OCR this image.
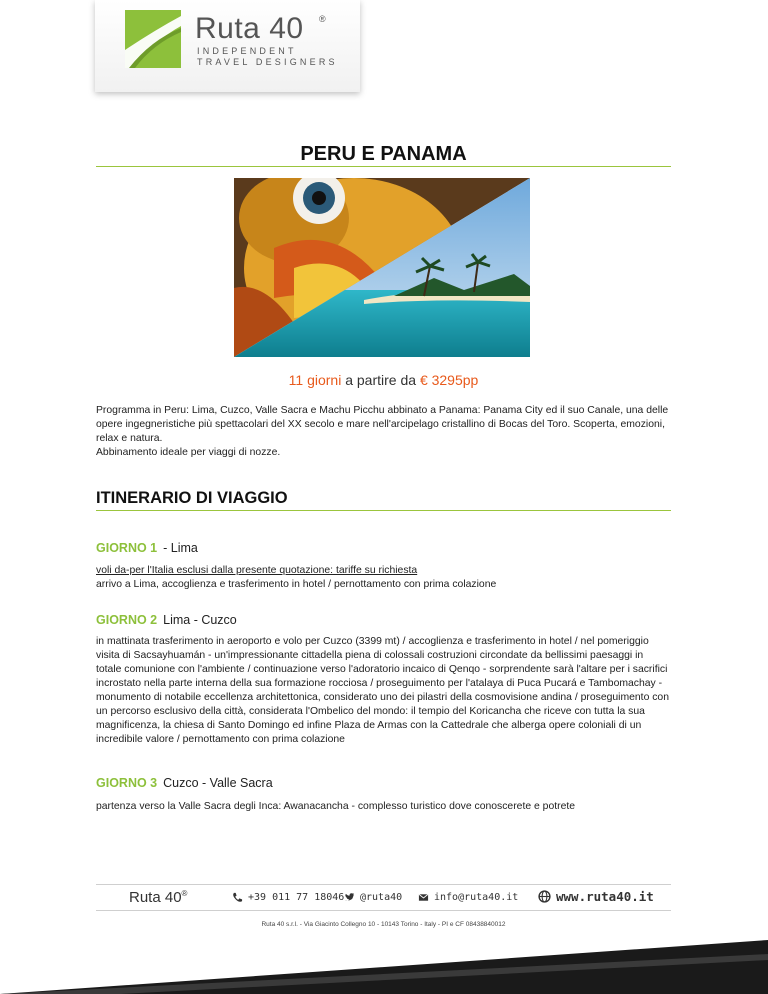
Ruta 40 ®
INDEPENDENT
TRAVEL DESIGNERS
PERU E PANAMA
11 giorni a partire da € 3295pp
Programma in Peru: Lima, Cuzco, Valle Sacra e Machu Picchu abbinato a Panama: Panama City ed il suo Canale, una delle opere ingegneristiche più spettacolari del XX secolo e mare nell'arcipelago cristallino di Bocas del Toro. Scoperta, emozioni, relax e natura.
Abbinamento ideale per viaggi di nozze.
ITINERARIO DI VIAGGIO
GIORNO 1 - Lima
voli da-per l'Italia esclusi dalla presente quotazione: tariffe su richiesta
arrivo a Lima, accoglienza e trasferimento in hotel / pernottamento con prima colazione
GIORNO 2 Lima - Cuzco
in mattinata trasferimento in aeroporto e volo per Cuzco (3399 mt) / accoglienza e trasferimento in hotel / nel pomeriggio visita di Sacsayhuamán - un'impressionante cittadella piena di colossali costruzioni circondate da bellissimi paesaggi in totale comunione con l'ambiente / continuazione verso l'adoratorio incaico di Qenqo - sorprendente sarà l'altare per i sacrifici incrostato nella parte interna della sua formazione rocciosa / proseguimento per l'atalaya di Puca Pucará e Tambomachay - monumento di notabile eccellenza architettonica, considerato uno dei pilastri della cosmovisione andina / proseguimento con un percorso esclusivo della città, considerata l'Ombelico del mondo: il tempio del Koricancha che riceve con tutta la sua magnificenza, la chiesa di Santo Domingo ed infine Plaza de Armas con la Cattedrale che alberga opere coloniali di un incredibile valore / pernottamento con prima colazione
GIORNO 3 Cuzco - Valle Sacra
partenza verso la Valle Sacra degli Inca: Awanacancha - complesso turistico dove conoscerete e potrete
Ruta 40®	+39 011 77 18046 @ruta40	info@ruta40.it	www.ruta40.it
Ruta 40 s.r.l. - Via Giacinto Collegno 10 - 10143 Torino - Italy - PI e CF 08438840012
